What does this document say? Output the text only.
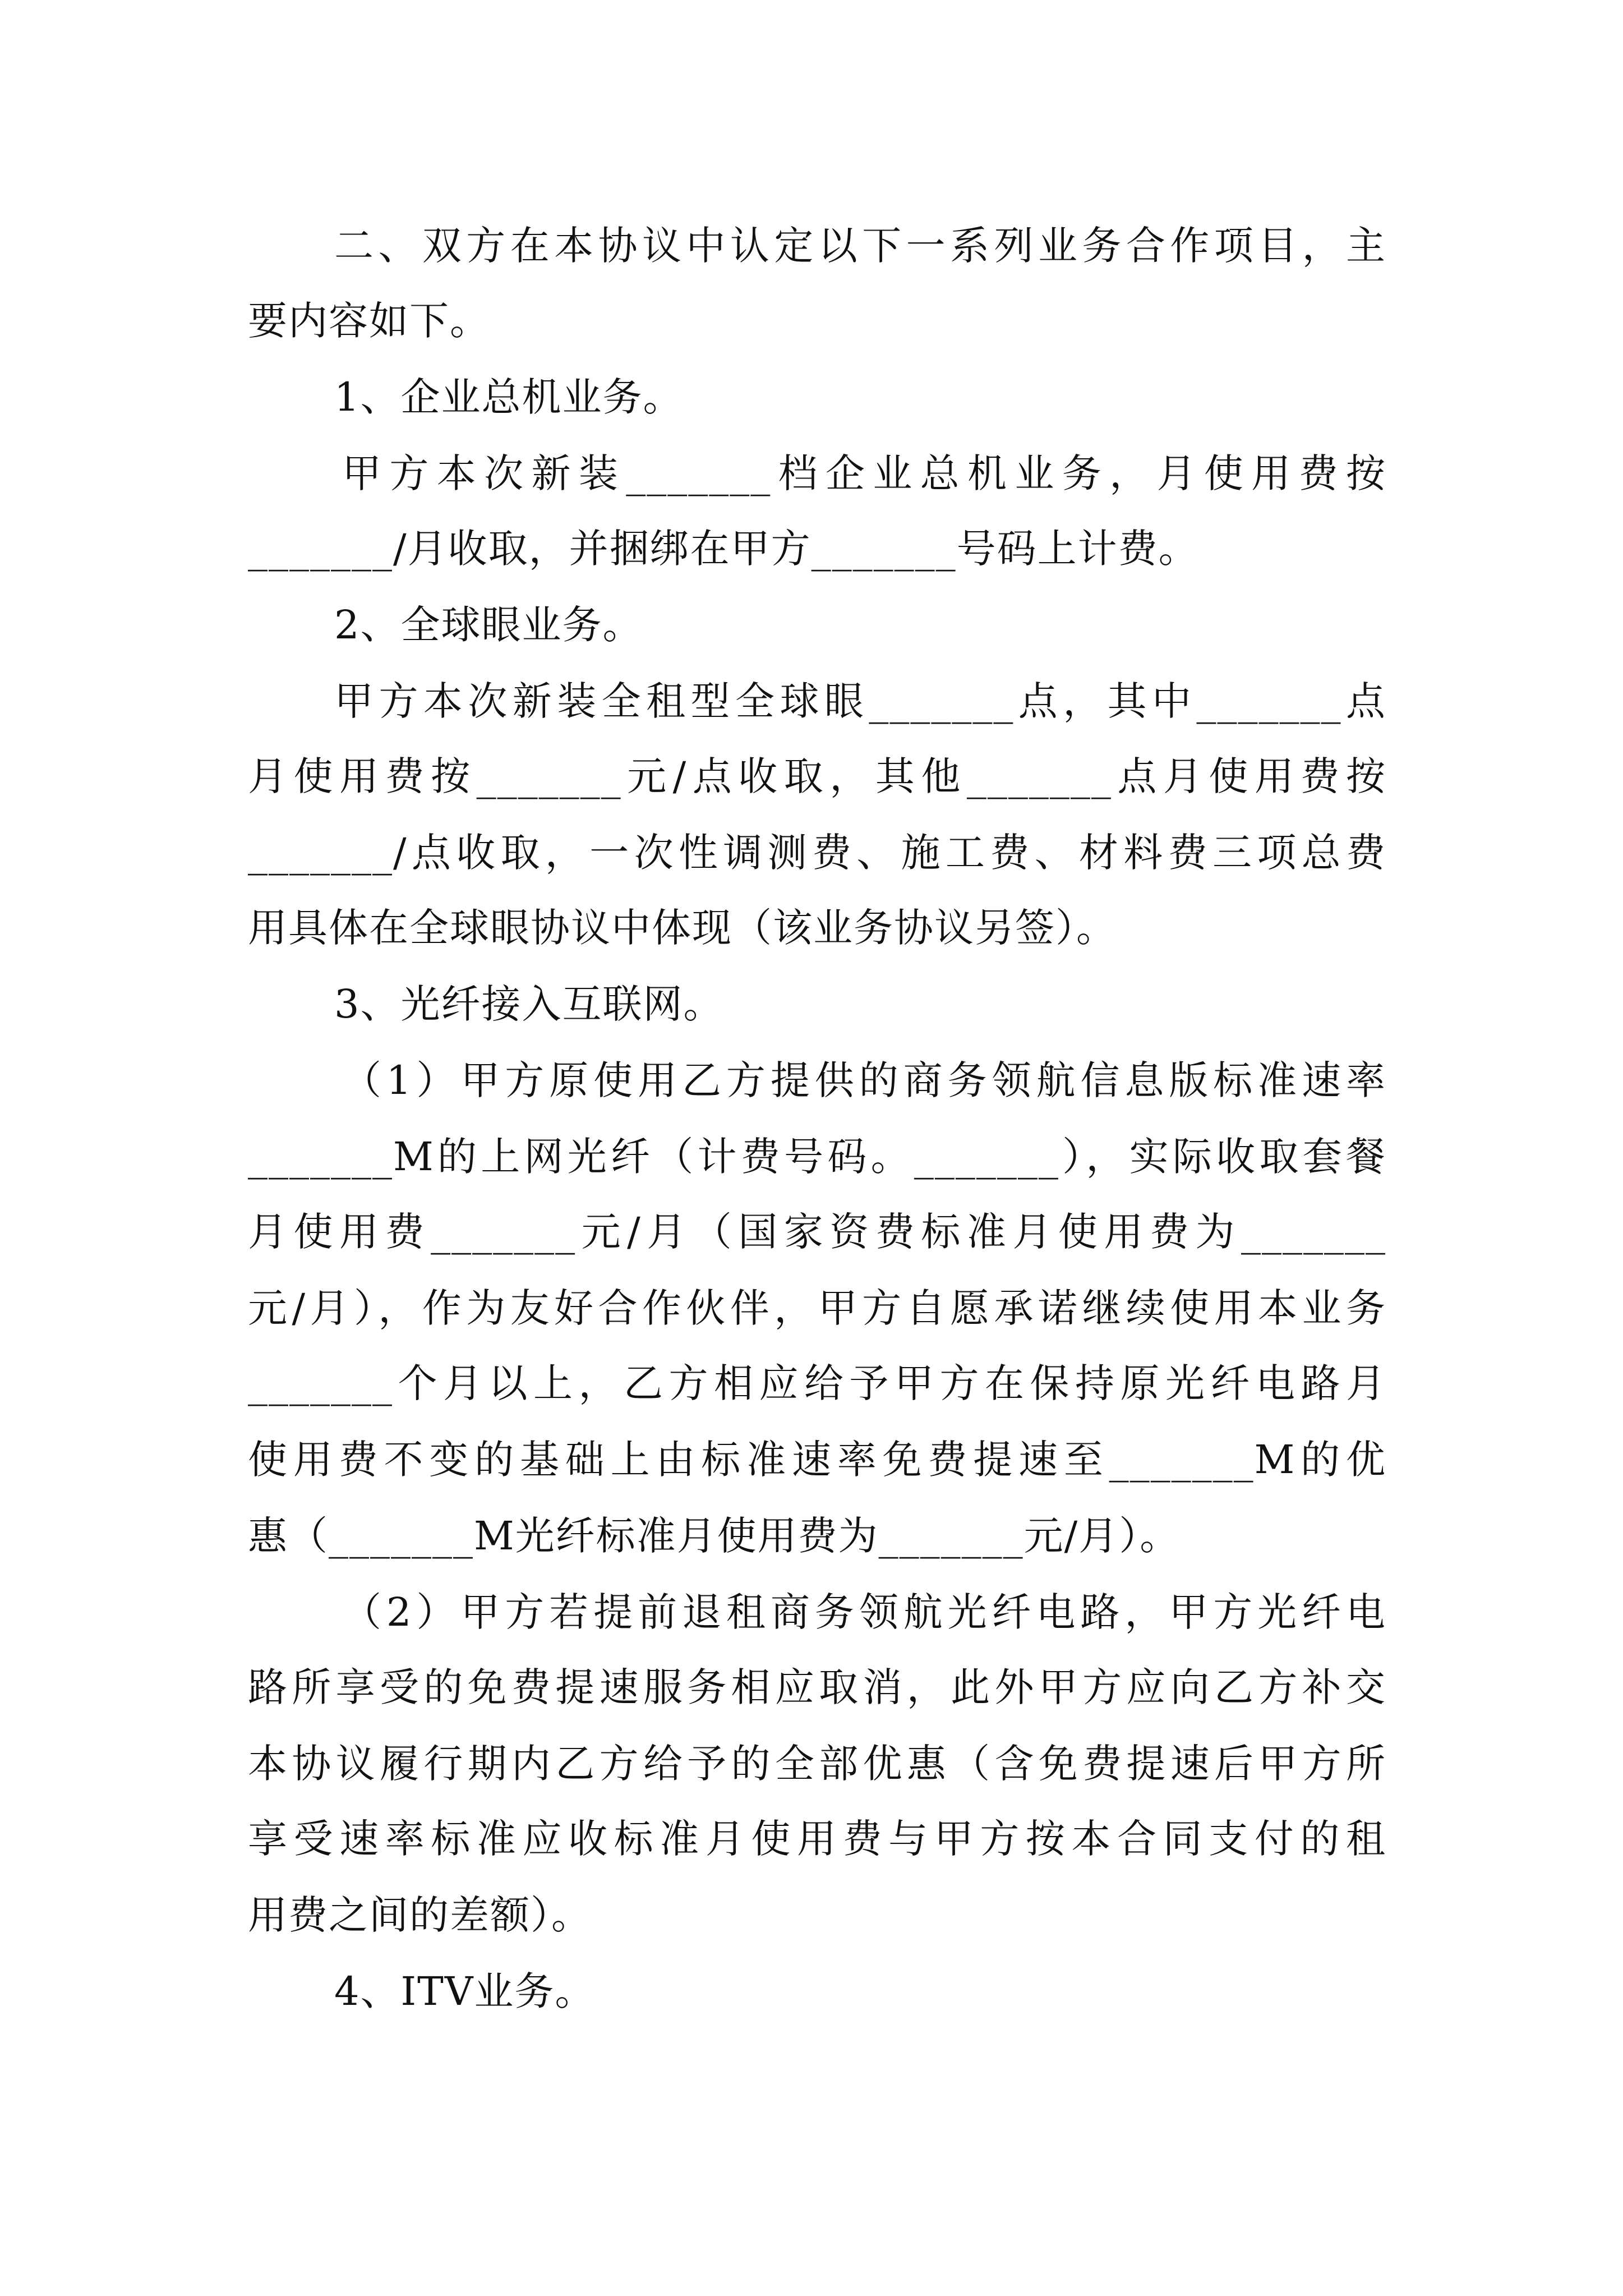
二、双方在本协议中认定以下一系列业务合作项目，主
要内容如下。
1、企业总机业务。
甲方本次新装_______档企业总机业务，月使用费按
_______/月收取，并捆绑在甲方_______号码上计费。
2、全球眼业务。
甲方本次新装全租型全球眼_______点，其中_______点
月使用费按_______元/点收取，其他_______点月使用费按
_______/点收取，一次性调测费、施工费、材料费三项总费
用具体在全球眼协议中体现（该业务协议另签）。
3、光纤接入互联网。
（1）甲方原使用乙方提供的商务领航信息版标准速率
_______M的上网光纤（计费号码。_______），实际收取套餐
月使用费_______元/月（国家资费标准月使用费为_______
元/月），作为友好合作伙伴，甲方自愿承诺继续使用本业务
_______个月以上，乙方相应给予甲方在保持原光纤电路月
使用费不变的基础上由标准速率免费提速至_______M的优
惠（_______M光纤标准月使用费为_______元/月）。
（2）甲方若提前退租商务领航光纤电路，甲方光纤电
路所享受的免费提速服务相应取消，此外甲方应向乙方补交
本协议履行期内乙方给予的全部优惠（含免费提速后甲方所
享受速率标准应收标准月使用费与甲方按本合同支付的租
用费之间的差额）。
4、ITV业务。
